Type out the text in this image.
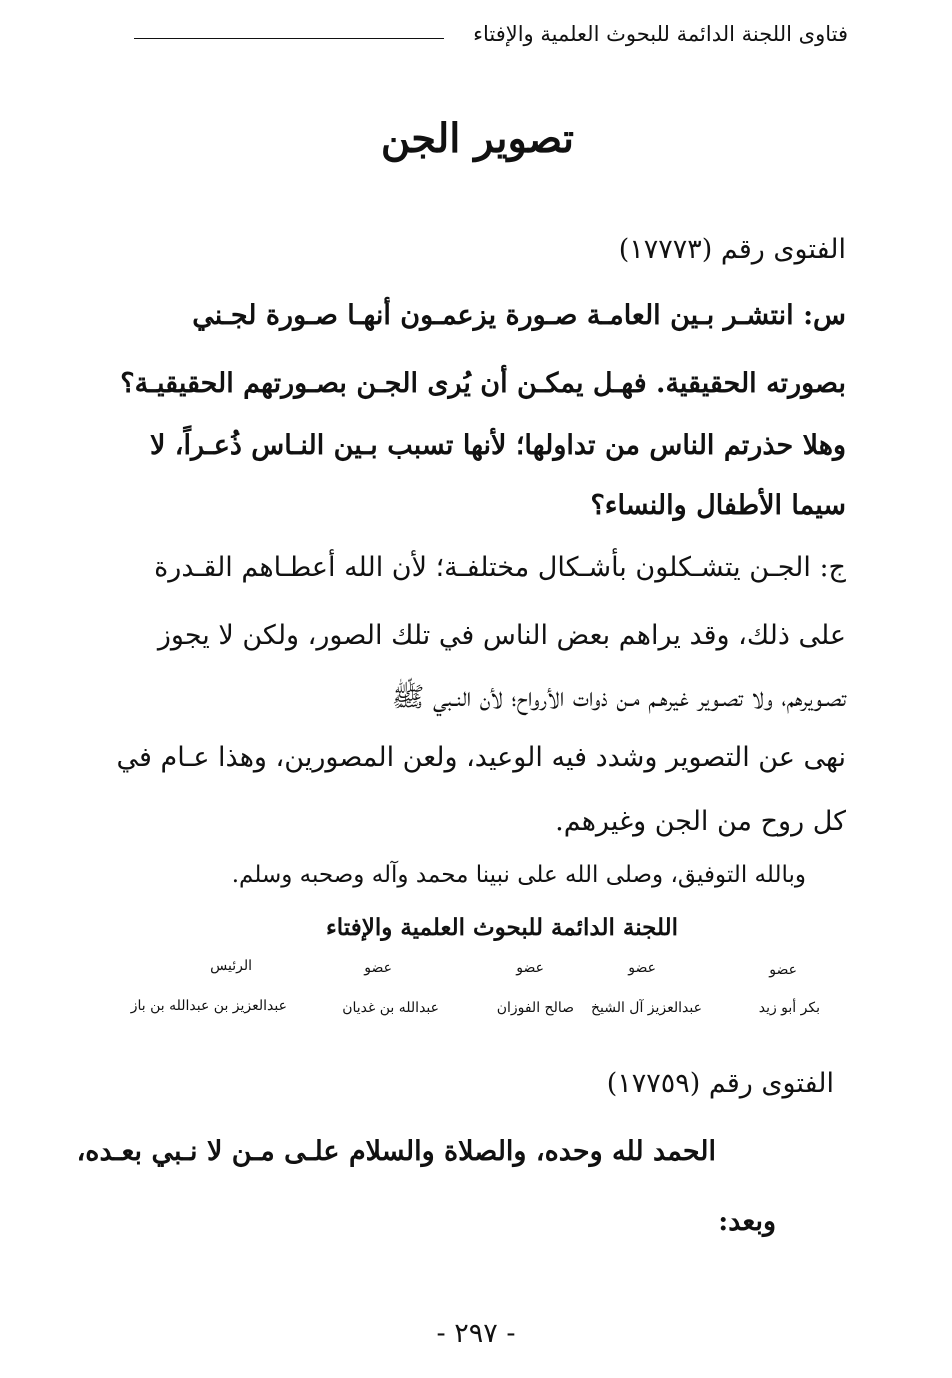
فتاوى اللجنة الدائمة للبحوث العلمية والإفتاء
تصوير الجن
الفتوى رقم (١٧٧٧٣)
س: انتشـر بـين العامـة صـورة يزعمـون أنهـا صـورة لجـني
بصورته الحقيقية. فهـل يمكـن أن يُرى الجـن بصـورتهم الحقيقيـة؟
وهلا حذرتم الناس من تداولها؛ لأنها تسبب بـين النـاس ذُعـراً، لا
سيما الأطفال والنساء؟
ج: الجـن يتشـكلون بأشـكال مختلفـة؛ لأن الله أعطـاهم القـدرة
على ذلك، وقد يراهم بعض الناس في تلك الصور، ولكن لا يجوز
تصـويرهم، ولا تصـوير غيرهـم مـن ذوات الأرواح؛ لأن النـبي ﷺ
نهى عن التصوير وشدد فيه الوعيد، ولعن المصورين، وهذا عـام في
كل روح من الجن وغيرهم.
وبالله التوفيق، وصلى الله على نبينا محمد وآله وصحبه وسلم.
اللجنة الدائمة للبحوث العلمية والإفتاء
عضو
عضو
عضو
عضو
الرئيس
بكر أبو زيد
عبدالعزيز آل الشيخ
صالح الفوزان
عبدالله بن غديان
عبدالعزيز بن عبدالله بن باز
الفتوى رقم (١٧٧٥٩)
الحمد لله وحده، والصلاة والسلام علـى مـن لا نـبي بعـده،
وبعد:
- ٢٩٧ -
